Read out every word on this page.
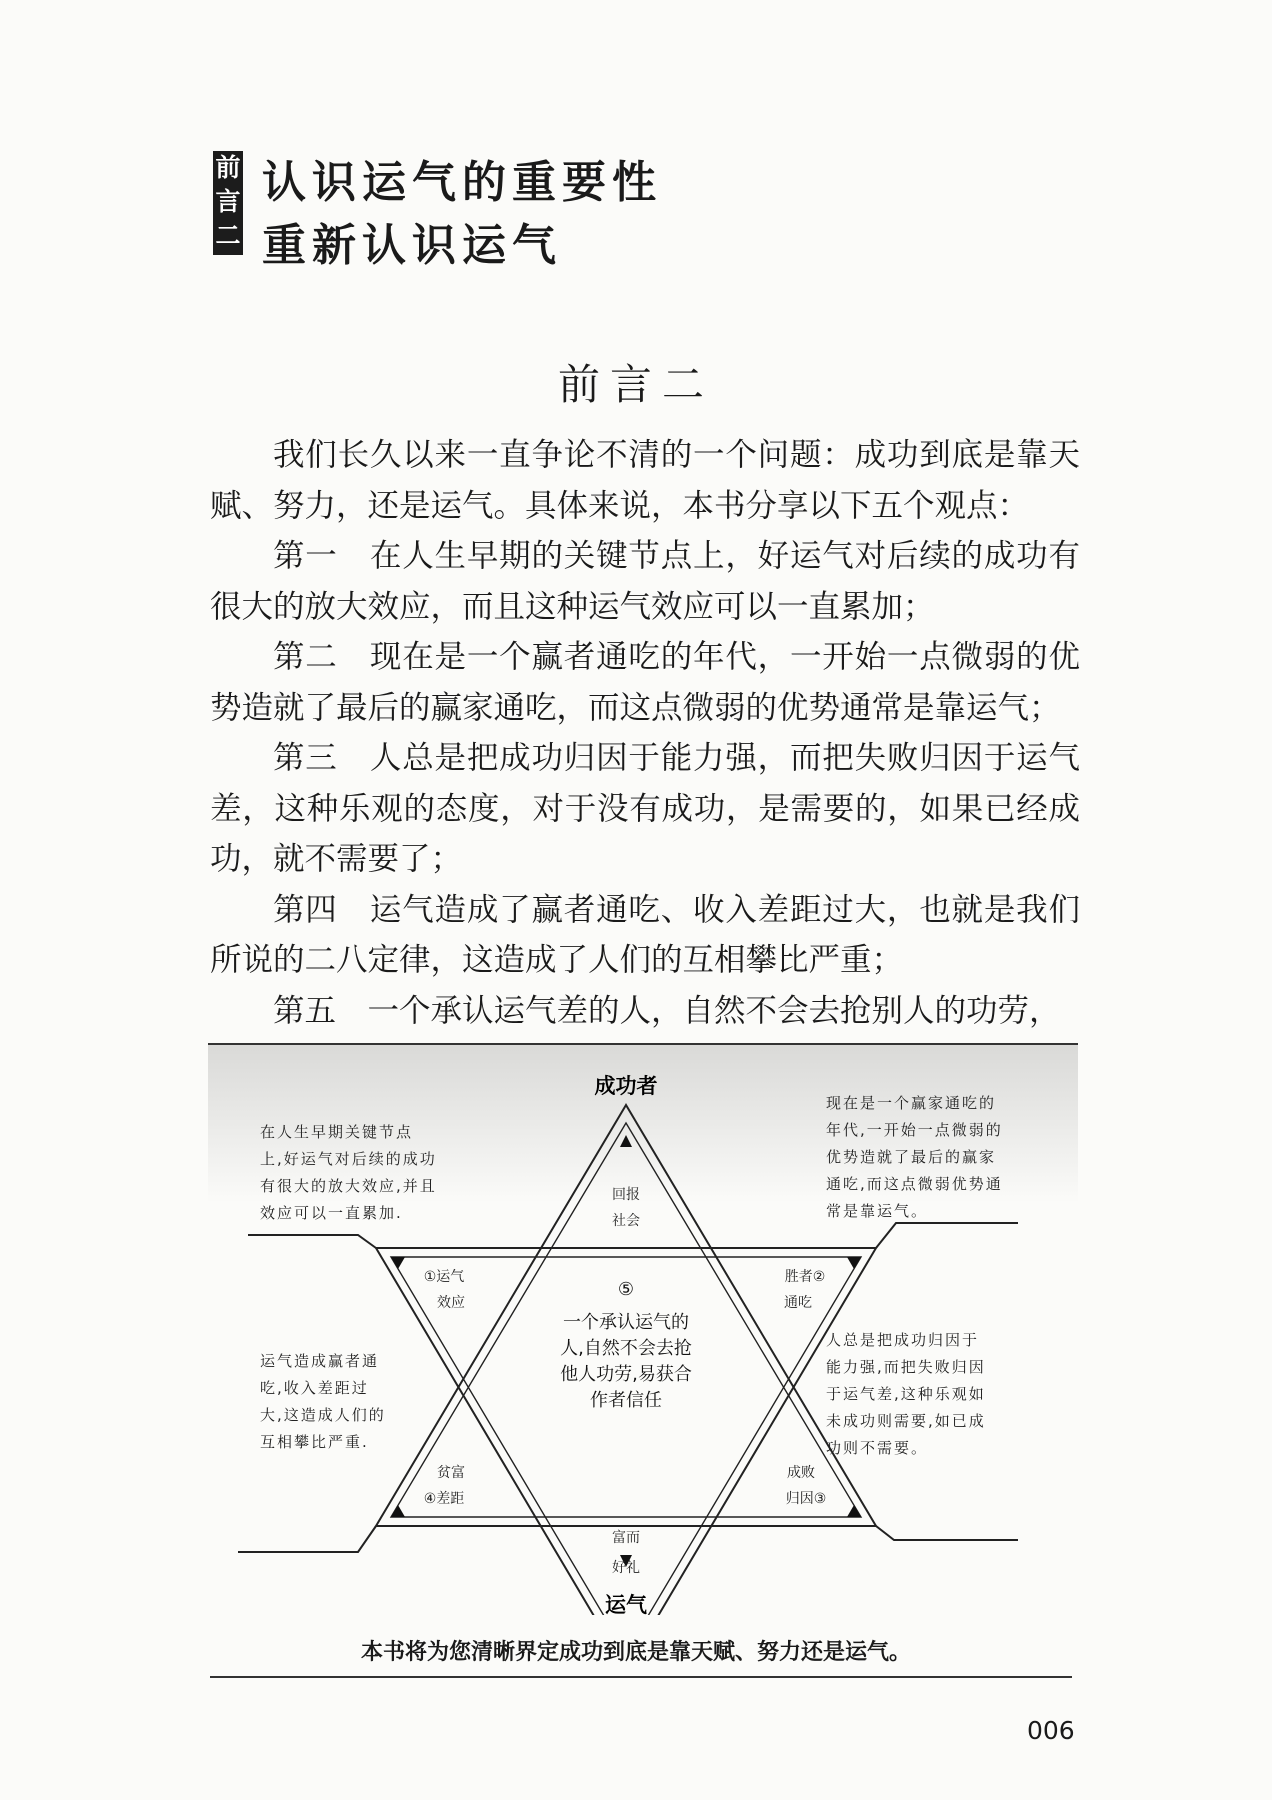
前
言
二
认识运气的重要性
重新认识运气
前言二

我们长久以来一直争论不清的一个问题：成功到底是靠天赋、努力，还是运气。具体来说，本书分享以下五个观点：

第一　在人生早期的关键节点上，好运气对后续的成功有很大的放大效应，而且这种运气效应可以一直累加；

第二　现在是一个赢者通吃的年代，一开始一点微弱的优势造就了最后的赢家通吃，而这点微弱的优势通常是靠运气；

第三　人总是把成功归因于能力强，而把失败归因于运气差，这种乐观的态度，对于没有成功，是需要的，如果已经成功，就不需要了；

第四　运气造成了赢者通吃、收入差距过大，也就是我们所说的二八定律，这造成了人们的互相攀比严重；

第五　一个承认运气差的人，自然不会去抢别人的功劳，

成功者
运气
回报
社会
富而
好礼
①运气
效应
胜者②
通吃
成败
归因③
贫富
④差距
⑤
一个承认运气的
人,自然不会去抢
他人功劳,易获合
作者信任
在人生早期关键节点
上,好运气对后续的成功
有很大的放大效应,并且
效应可以一直累加.
现在是一个赢家通吃的
年代,一开始一点微弱的
优势造就了最后的赢家
通吃,而这点微弱优势通
常是靠运气。
运气造成赢者通
吃,收入差距过
大,这造成人们的
互相攀比严重.
人总是把成功归因于
能力强,而把失败归因
于运气差,这种乐观如
未成功则需要,如已成
功则不需要。
本书将为您清晰界定成功到底是靠天赋、努力还是运气。
006
